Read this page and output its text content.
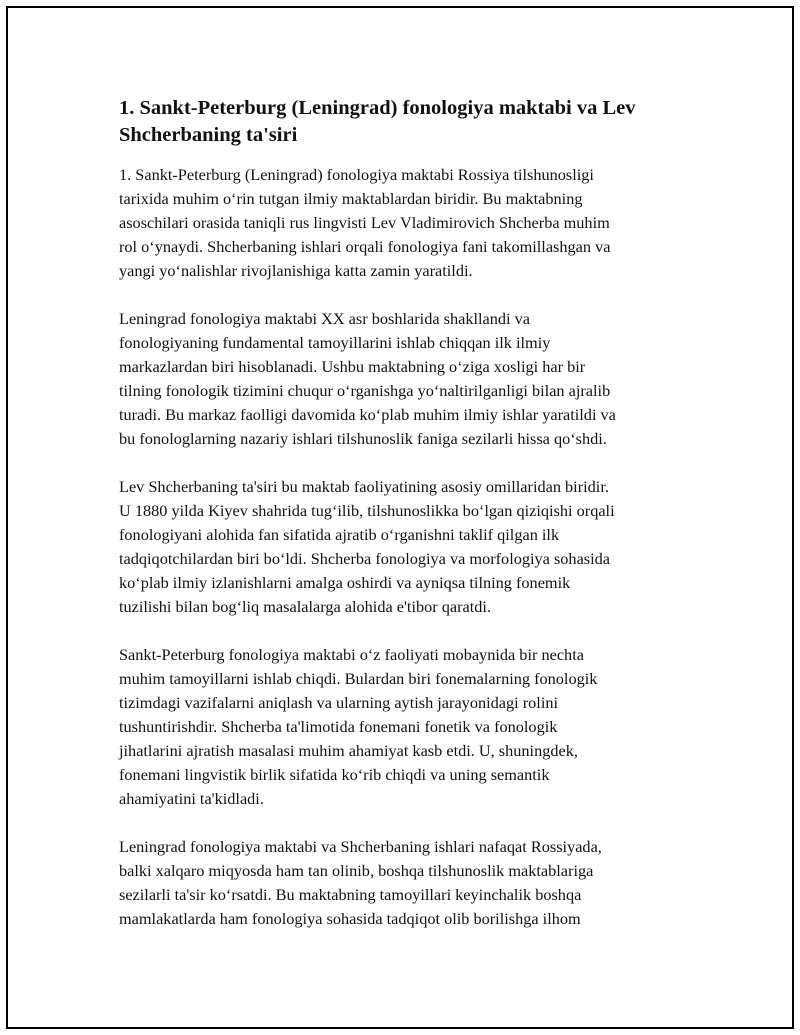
1. Sankt-Peterburg (Leningrad) fonologiya maktabi va Lev
Shcherbaning ta'siri

1. Sankt-Peterburg (Leningrad) fonologiya maktabi Rossiya tilshunosligi
tarixida muhim o‘rin tutgan ilmiy maktablardan biridir. Bu maktabning
asoschilari orasida taniqli rus lingvisti Lev Vladimirovich Shcherba muhim
rol o‘ynaydi. Shcherbaning ishlari orqali fonologiya fani takomillashgan va
yangi yo‘nalishlar rivojlanishiga katta zamin yaratildi.

Leningrad fonologiya maktabi XX asr boshlarida shakllandi va
fonologiyaning fundamental tamoyillarini ishlab chiqqan ilk ilmiy
markazlardan biri hisoblanadi. Ushbu maktabning o‘ziga xosligi har bir
tilning fonologik tizimini chuqur o‘rganishga yo‘naltirilganligi bilan ajralib
turadi. Bu markaz faolligi davomida ko‘plab muhim ilmiy ishlar yaratildi va
bu fonologlarning nazariy ishlari tilshunoslik faniga sezilarli hissa qo‘shdi.

Lev Shcherbaning ta'siri bu maktab faoliyatining asosiy omillaridan biridir.
U 1880 yilda Kiyev shahrida tug‘ilib, tilshunoslikka bo‘lgan qiziqishi orqali
fonologiyani alohida fan sifatida ajratib o‘rganishni taklif qilgan ilk
tadqiqotchilardan biri bo‘ldi. Shcherba fonologiya va morfologiya sohasida
ko‘plab ilmiy izlanishlarni amalga oshirdi va ayniqsa tilning fonemik
tuzilishi bilan bog‘liq masalalarga alohida e'tibor qaratdi.

Sankt-Peterburg fonologiya maktabi o‘z faoliyati mobaynida bir nechta
muhim tamoyillarni ishlab chiqdi. Bulardan biri fonemalarning fonologik
tizimdagi vazifalarni aniqlash va ularning aytish jarayonidagi rolini
tushuntirishdir. Shcherba ta'limotida fonemani fonetik va fonologik
jihatlarini ajratish masalasi muhim ahamiyat kasb etdi. U, shuningdek,
fonemani lingvistik birlik sifatida ko‘rib chiqdi va uning semantik
ahamiyatini ta'kidladi.

Leningrad fonologiya maktabi va Shcherbaning ishlari nafaqat Rossiyada,
balki xalqaro miqyosda ham tan olinib, boshqa tilshunoslik maktablariga
sezilarli ta'sir ko‘rsatdi. Bu maktabning tamoyillari keyinchalik boshqa
mamlakatlarda ham fonologiya sohasida tadqiqot olib borilishga ilhom
